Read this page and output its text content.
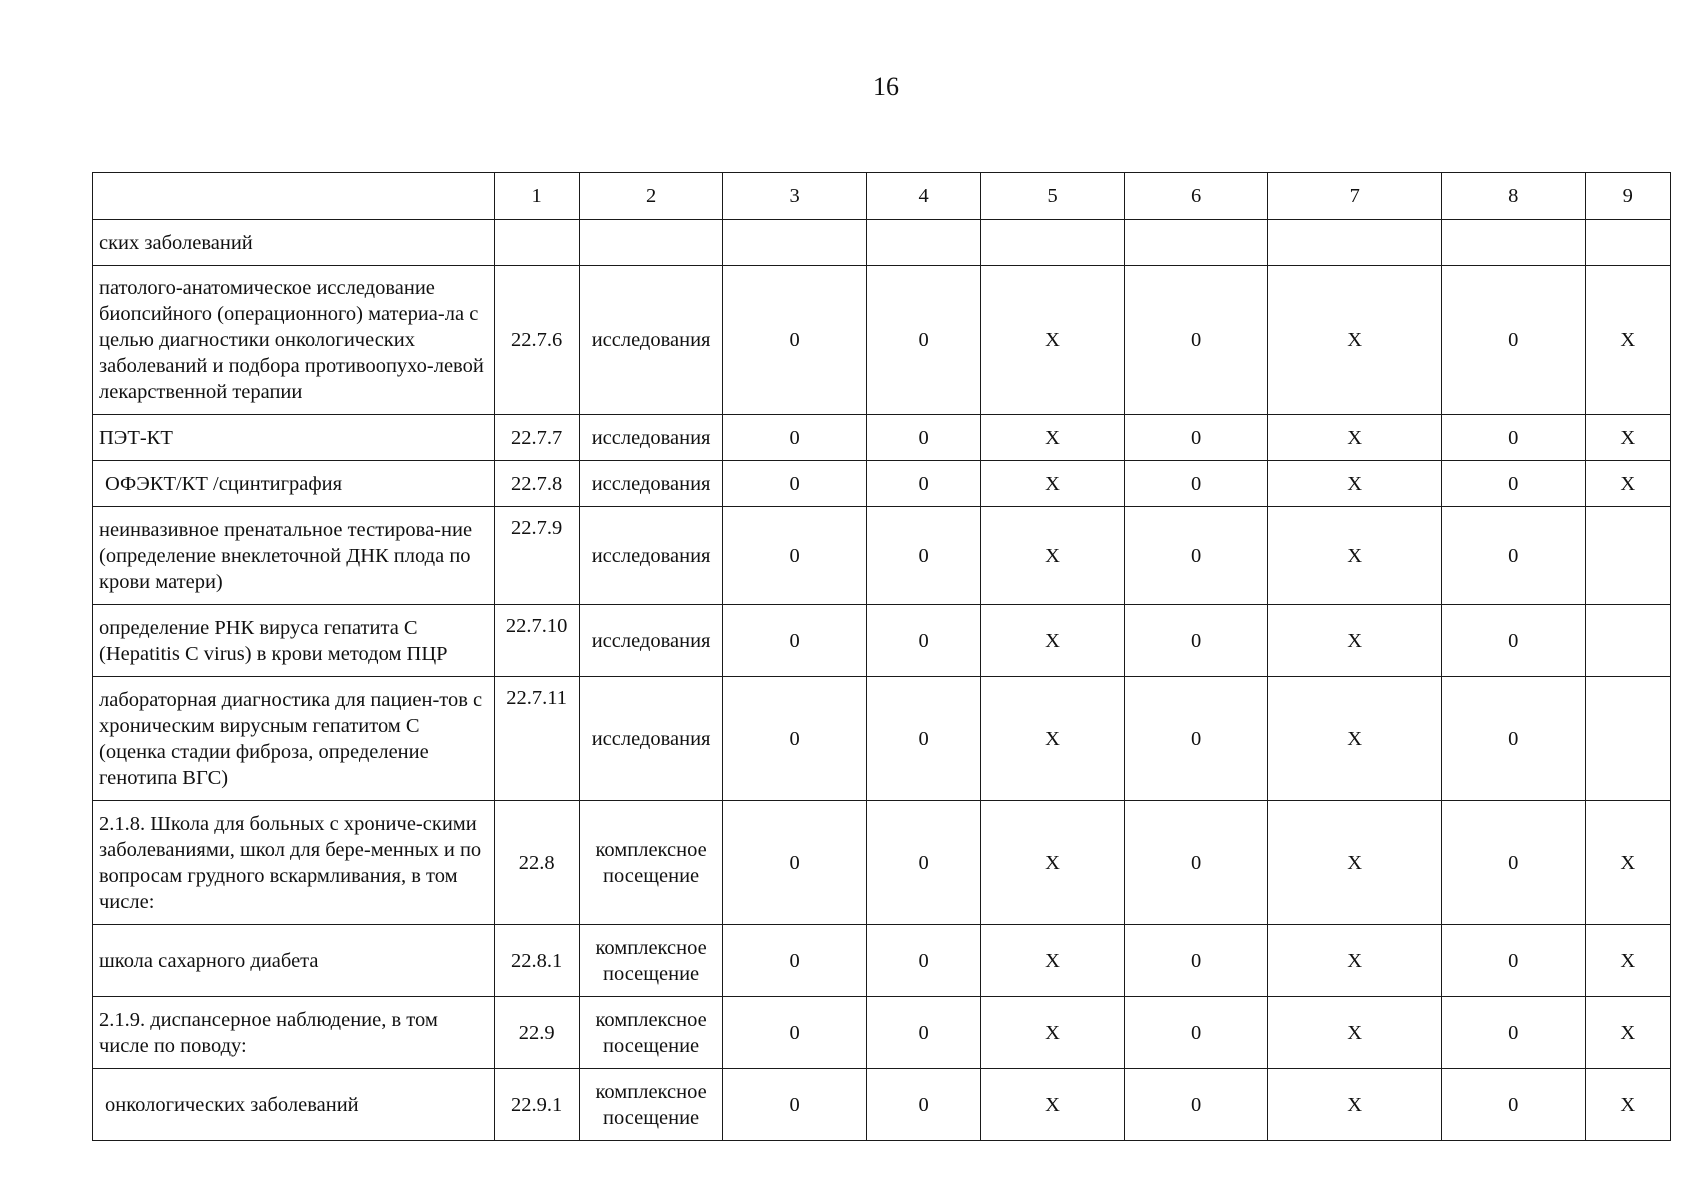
16
	1	2	3	4	5	6	7	8	9
ских заболеваний									
патолого-анатомическое исследование биопсийного (операционного) материа-ла с целью диагностики онкологических заболеваний и подбора противоопухо-левой лекарственной терапии	22.7.6	исследования	0	0	X	0	X	0	X
ПЭТ-КТ	22.7.7	исследования	0	0	X	0	X	0	X
ОФЭКТ/КТ /сцинтиграфия	22.7.8	исследования	0	0	X	0	X	0	X
неинвазивное пренатальное тестирова-ние (определение внеклеточной ДНК плода по крови матери)	22.7.9	исследования	0	0	X	0	X	0	
определение РНК вируса гепатита С (Hepatitis C virus) в крови методом ПЦР	22.7.10	исследования	0	0	X	0	X	0	
лабораторная диагностика для пациен-тов с хроническим вирусным гепатитом С (оценка стадии фиброза, определение генотипа ВГС)	22.7.11	исследования	0	0	X	0	X	0	
2.1.8. Школа для больных с хрониче-скими заболеваниями, школ для бере-менных и по вопросам грудного вскармливания, в том числе:	22.8	комплексное посещение	0	0	X	0	X	0	X
школа сахарного диабета	22.8.1	комплексное посещение	0	0	X	0	X	0	X
2.1.9. диспансерное наблюдение, в том числе по поводу:	22.9	комплексное посещение	0	0	X	0	X	0	X
онкологических заболеваний	22.9.1	комплексное посещение	0	0	X	0	X	0	X
